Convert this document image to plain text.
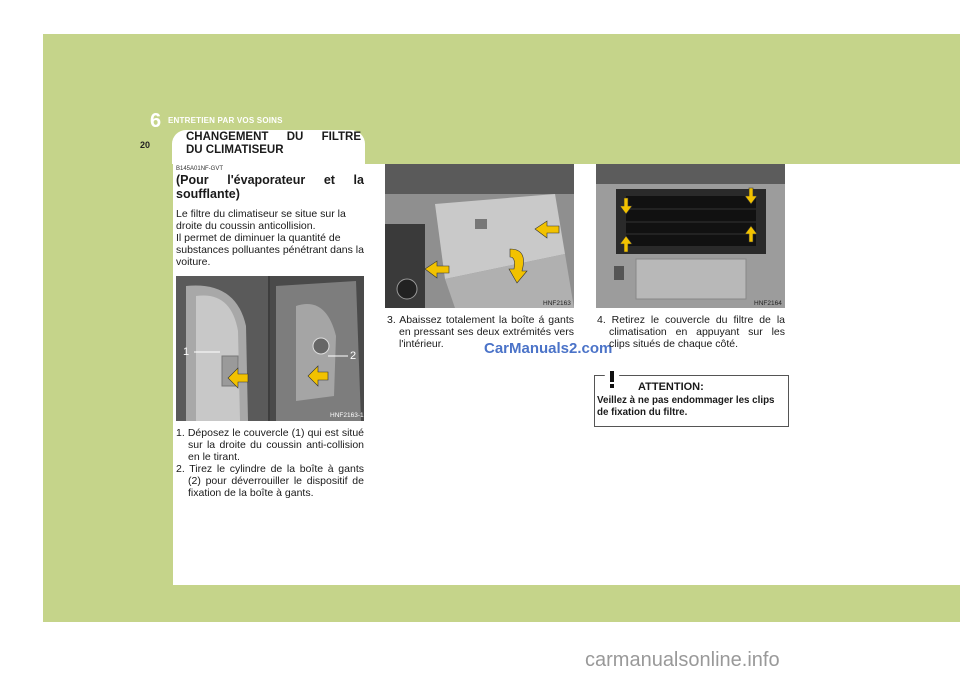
6 ENTRETIEN PAR VOS SOINS
20
CHANGEMENT DU FILTRE
DU CLIMATISEUR
B145A01NF-GVT
(Pour l'évaporateur et la soufflante)
Le filtre du climatiseur se situe sur la droite du coussin anticollision.
Il permet de diminuer la quantité de substances polluantes pénétrant dans la voiture.
1	2
HNF2163-1
1. Déposez le couvercle (1) qui est situé sur la droite du coussin anti-collision en le tirant.
2. Tirez le cylindre de la boîte à gants (2) pour déverrouiller le dispositif de fixation de la boîte à gants.
HNF2163
3. Abaissez totalement la boîte á gants en pressant ses deux extrémités vers l'intérieur.	CarManuals2.com
HNF2164
4. Retirez le couvercle du filtre de la climatisation en appuyant sur les clips situés de chaque côté.
ATTENTION:
Veillez à ne pas endommager les clips de fixation du filtre.
carmanualsonline.info
